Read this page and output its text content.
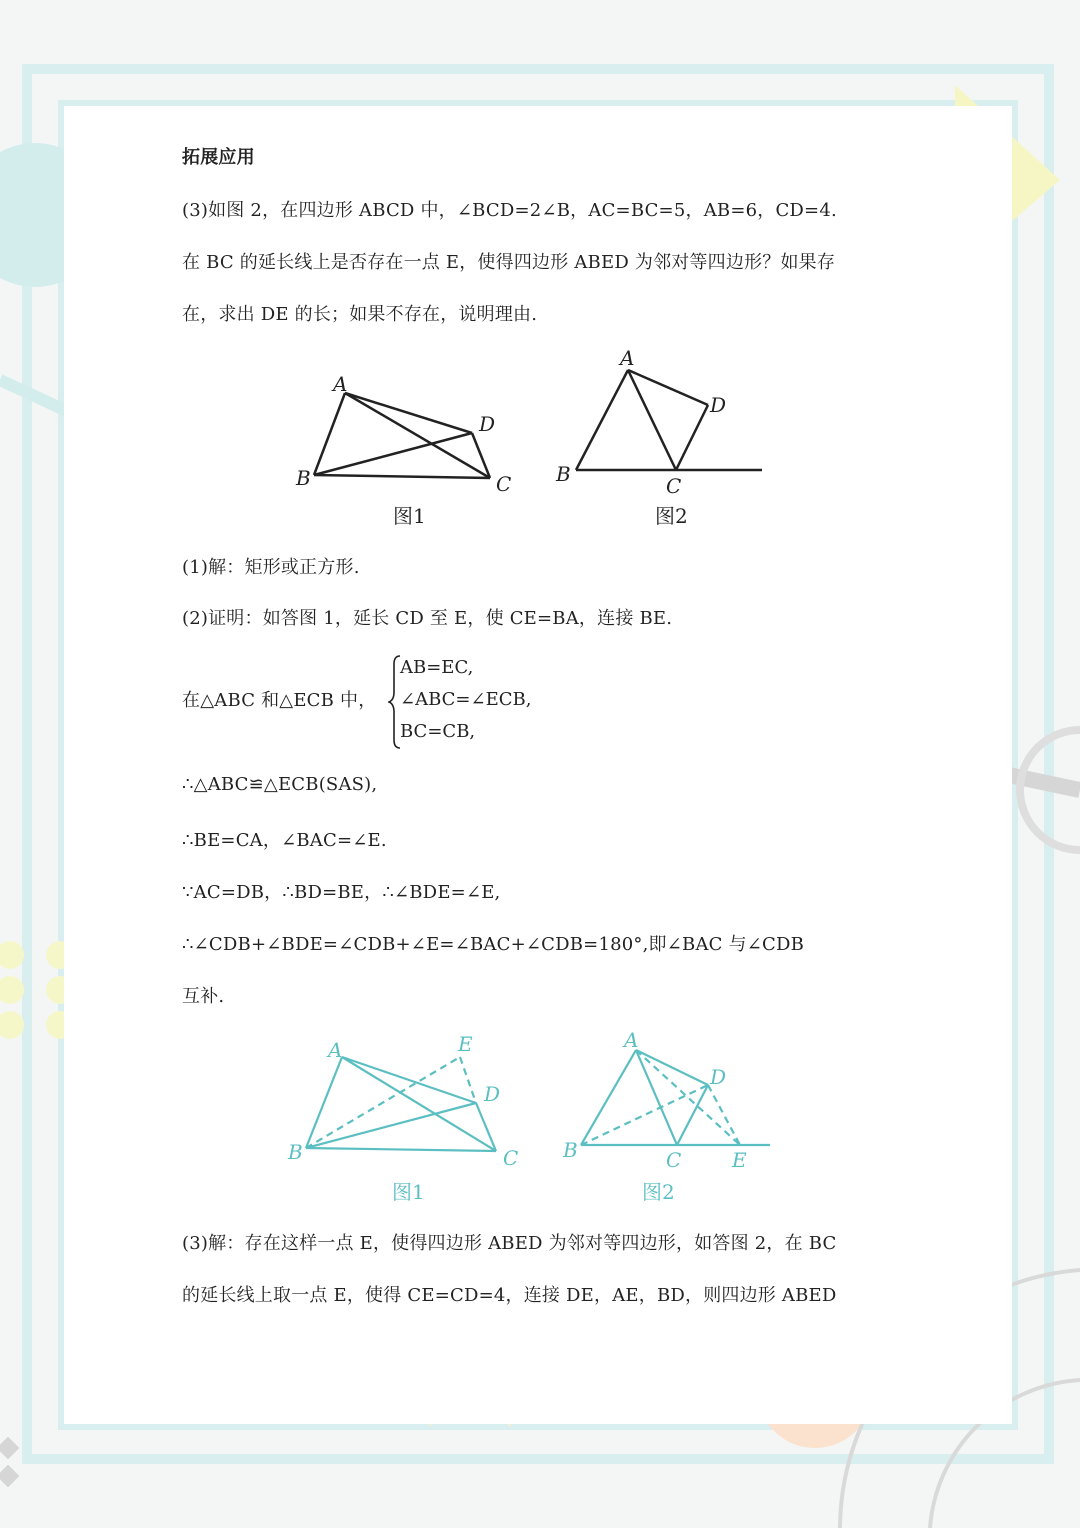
拓展应用
(3)如图 2，在四边形 ABCD 中，∠BCD=2∠B，AC=BC=5，AB=6，CD=4.
在 BC 的延长线上是否存在一点 E，使得四边形 ABED 为邻对等四边形？如果存
在，求出 DE 的长；如果不存在，说明理由.
A
B	C
D
图1
A
B	C
D
图2
(1)解：矩形或正方形.
(2)证明：如答图 1，延长 CD 至 E，使 CE=BA，连接 BE.
在△ABC 和△ECB 中，
AB=EC,
∠ABC=∠ECB,
BC=CB,
∴△ABC≌△ECB(SAS),
∴BE=CA，∠BAC=∠E.
∵AC=DB，∴BD=BE，∴∠BDE=∠E,
∴∠CDB+∠BDE=∠CDB+∠E=∠BAC+∠CDB=180°,即∠BAC 与∠CDB
互补.
A
B	C
D
E
图1
A
B	C
D
E
图2
(3)解：存在这样一点 E，使得四边形 ABED 为邻对等四边形，如答图 2，在 BC
的延长线上取一点 E，使得 CE=CD=4，连接 DE，AE，BD，则四边形 ABED
